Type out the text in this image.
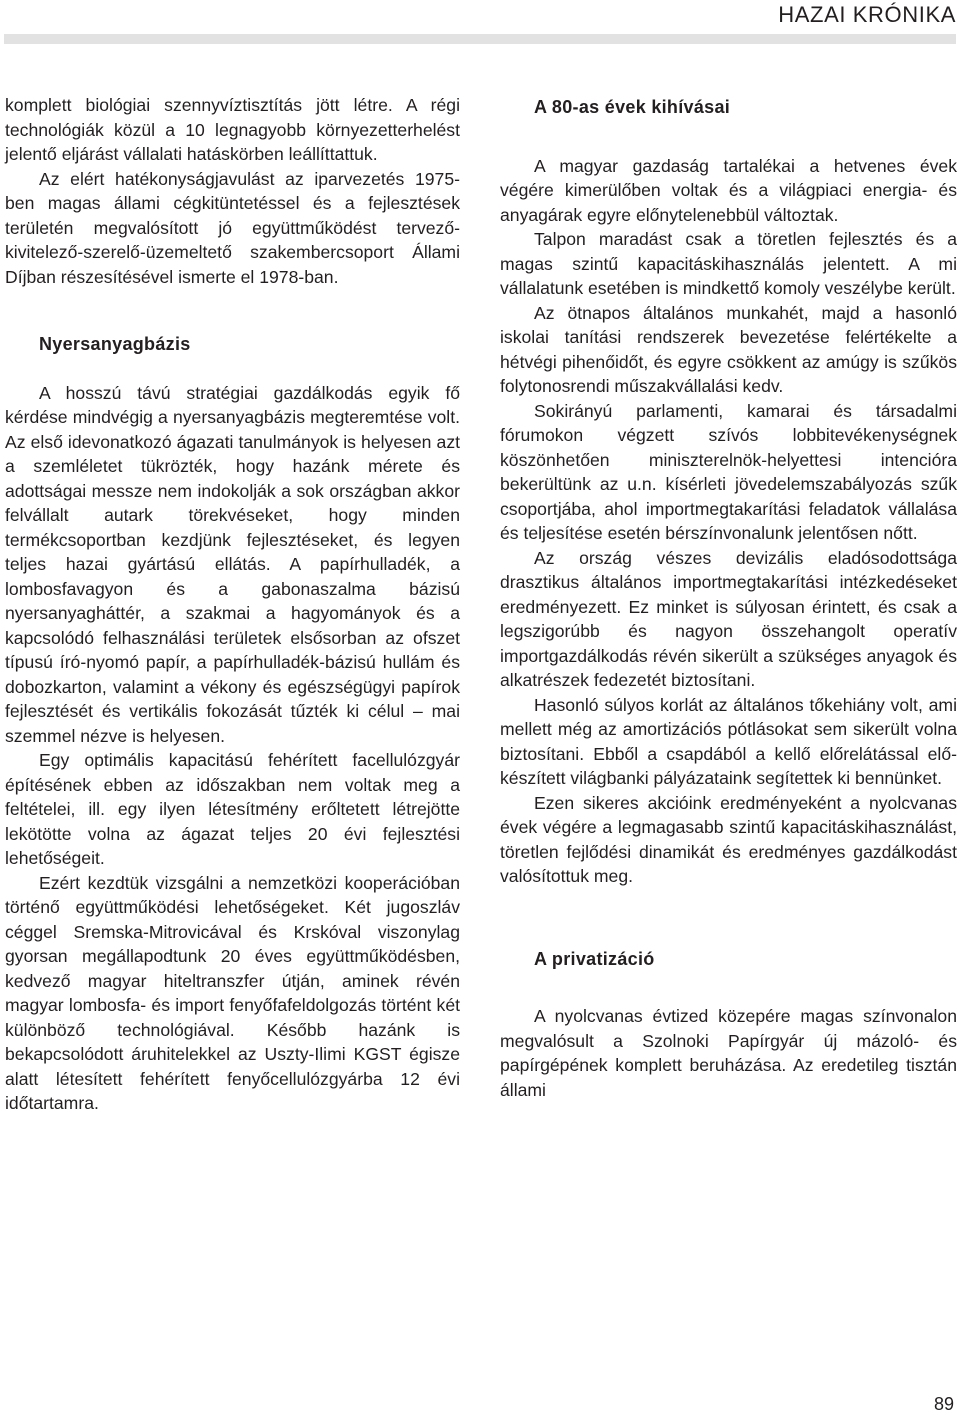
HAZAI KRÓNIKA

komplett biológiai szennyvíztisztítás jött létre. A régi technológiák közül a 10 legnagyobb környezetterhelést jelentő eljárást vállalati hatáskörben leállíttattuk.

Az elért hatékonyságjavulást az iparvezetés 1975-ben magas állami cégkitüntetéssel és a fejlesztések területén megvalósított jó együttműködést tervező-kivitelező-szerelő-üzemeltető szakembercsoport Állami Díjban részesítésével ismerte el 1978-ban.

Nyersanyagbázis

A hosszú távú stratégiai gazdálkodás egyik fő kérdése mindvégig a nyersanyagbázis megteremtése volt. Az első idevonatkozó ágazati tanulmányok is helyesen azt a szemléletet tükrözték, hogy hazánk mérete és adottságai messze nem indokolják a sok országban akkor felvállalt autark törekvéseket, hogy minden termékcsoportban kezdjünk fejlesztéseket, és legyen teljes hazai gyártású ellátás. A papírhulladék, a lombosfavagyon és a gabonaszalma bázisú nyersanyagháttér, a szakmai a hagyományok és a kapcsolódó felhasználási területek elsősorban az ofszet típusú író-nyomó papír, a papírhulladék-bázisú hullám és dobozkarton, valamint a vékony és egészségügyi papírok fejlesztését és vertikális fokozását tűzték ki célul – mai szemmel nézve is helyesen.

Egy optimális kapacitású fehérített facellulózgyár építésének ebben az időszakban nem voltak meg a feltételei, ill. egy ilyen létesítmény erőltetett létrejötte lekötötte volna az ágazat teljes 20 évi fejlesztési lehetőségeit.

Ezért kezdtük vizsgálni a nemzetközi kooperációban történő együttműködési lehetőségeket. Két jugoszláv céggel Sremska-Mitrovicával és Krskóval viszonylag gyorsan megállapodtunk 20 éves együttműködésben, kedvező magyar hiteltranszfer útján, aminek révén magyar lombosfa- és import fenyőfafeldolgozás történt két különböző technológiával. Később hazánk is bekapcsolódott áruhitelekkel az Uszty-Ilimi KGST égisze alatt létesített fehérített fenyőcellulózgyárba 12 évi időtartamra.

A 80-as évek kihívásai

A magyar gazdaság tartalékai a hetvenes évek végére kimerülőben voltak és a világpiaci energia- és anyagárak egyre előnytelenebbül változtak.

Talpon maradást csak a töretlen fejlesztés és a magas szintű kapacitáskihasználás jelentett. A mi vállalatunk esetében is mindkettő komoly veszélybe került.

Az ötnapos általános munkahét, majd a hasonló iskolai tanítási rendszerek bevezetése felértékelte a hétvégi pihenőidőt, és egyre csökkent az amúgy is szűkös folytonosrendi műszakvállalási kedv.

Sokirányú parlamenti, kamarai és társadalmi fórumokon végzett szívós lobbitevékenységnek köszönhetően miniszterelnök-helyettesi intencióra bekerültünk az u.n. kísérleti jövedelemszabályozás szűk csoportjába, ahol importmegtakarítási feladatok vállalása és teljesítése esetén bérszínvonalunk jelentősen nőtt.

Az ország vészes devizális eladósodottsága drasztikus általános importmegtakarítási intézkedéseket eredményezett. Ez minket is súlyosan érintett, és csak a legszigorúbb és nagyon összehangolt operatív importgazdálkodás révén sikerült a szükséges anyagok és alkatrészek fedezetét biztosítani.

Hasonló súlyos korlát az általános tőkehiány volt, ami mellett még az amortizációs pótlásokat sem sikerült volna biztosítani. Ebből a csapdából a kellő előrelátással előkészített világbanki pályázataink segítettek ki bennünket.

Ezen sikeres akcióink eredményeként a nyolcvanas évek végére a legmagasabb szintű kapacitáskihasználást, töretlen fejlődési dinamikát és eredményes gazdálkodást valósítottuk meg.

A privatizáció

A nyolcvanas évtized közepére magas színvonalon megvalósult a Szolnoki Papírgyár új mázoló- és papírgépének komplett beruházása. Az eredetileg tisztán állami

89
